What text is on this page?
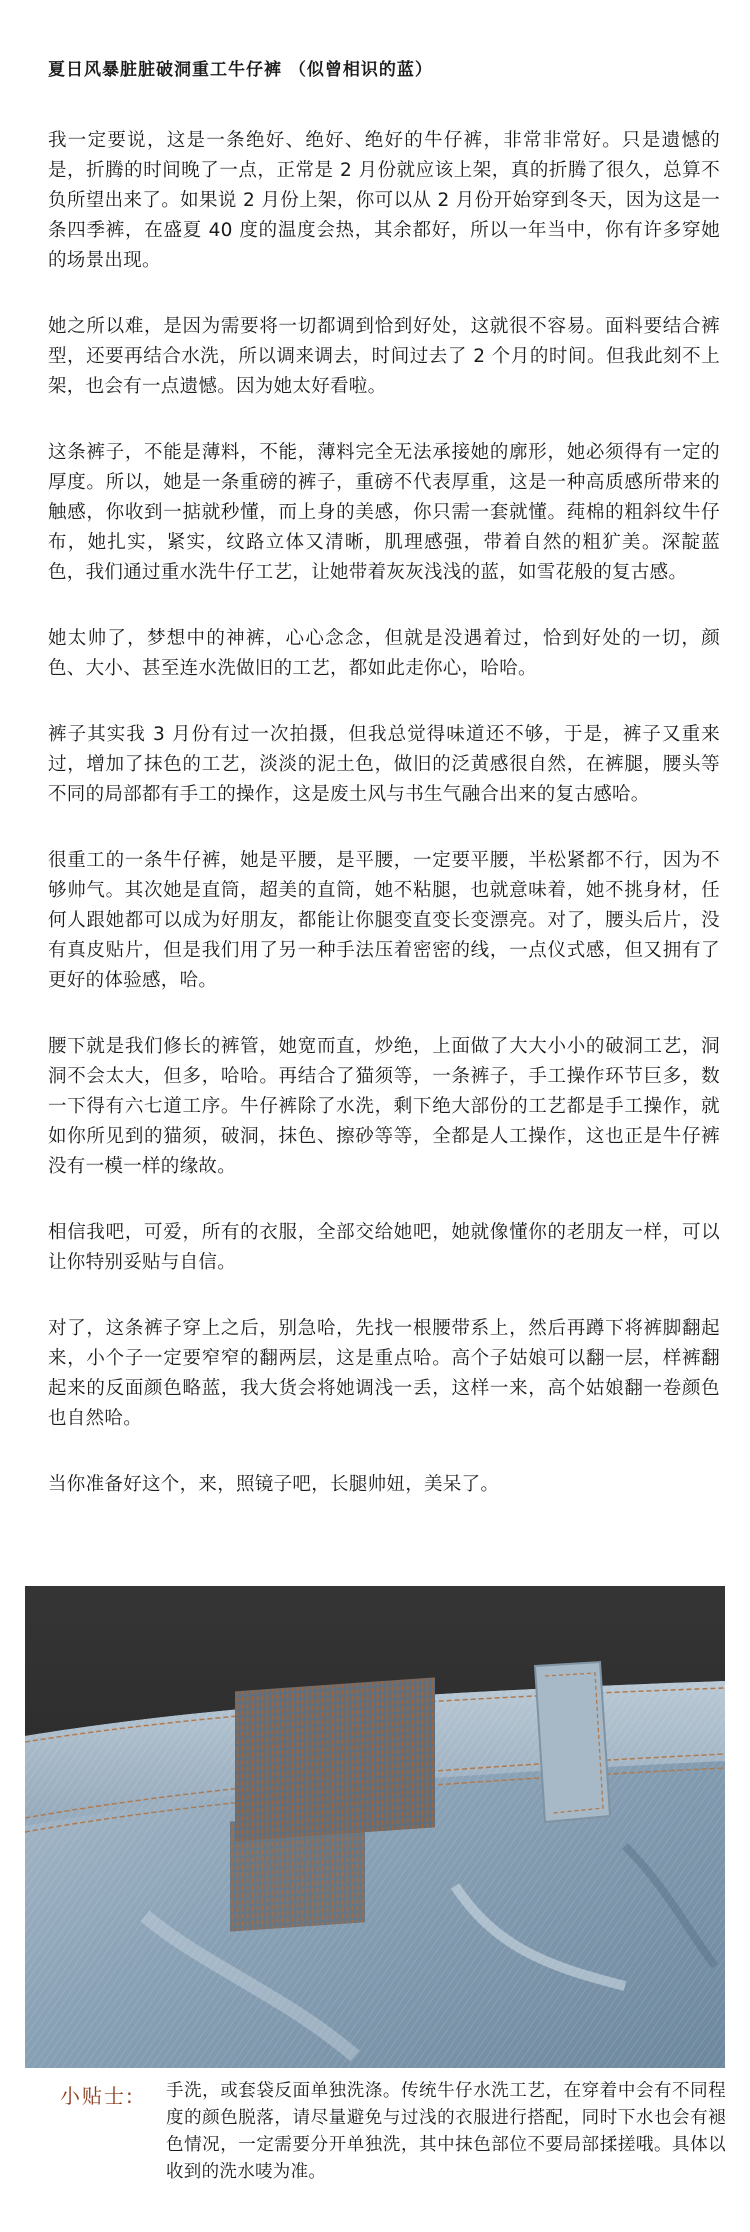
夏日风暴脏脏破洞重工牛仔裤 （似曾相识的蓝）

我一定要说，这是一条绝好、绝好、绝好的牛仔裤，非常非常好。只是遗憾的是，折腾的时间晚了一点，正常是 2 月份就应该上架，真的折腾了很久，总算不负所望出来了。如果说 2 月份上架，你可以从 2 月份开始穿到冬天，因为这是一条四季裤，在盛夏 40 度的温度会热，其余都好，所以一年当中，你有许多穿她的场景出现。

她之所以难，是因为需要将一切都调到恰到好处，这就很不容易。面料要结合裤型，还要再结合水洗，所以调来调去，时间过去了 2 个月的时间。但我此刻不上架，也会有一点遗憾。因为她太好看啦。

这条裤子，不能是薄料，不能，薄料完全无法承接她的廓形，她必须得有一定的厚度。所以，她是一条重磅的裤子，重磅不代表厚重，这是一种高质感所带来的触感，你收到一掂就秒懂，而上身的美感，你只需一套就懂。莼棉的粗斜纹牛仔布，她扎实，紧实，纹路立体又清晰，肌理感强，带着自然的粗犷美。深靛蓝色，我们通过重水洗牛仔工艺，让她带着灰灰浅浅的蓝，如雪花般的复古感。

她太帅了，梦想中的神裤，心心念念，但就是没遇着过，恰到好处的一切，颜色、大小、甚至连水洗做旧的工艺，都如此走你心，哈哈。

裤子其实我 3 月份有过一次拍摄，但我总觉得味道还不够，于是，裤子又重来过，增加了抹色的工艺，淡淡的泥土色，做旧的泛黄感很自然，在裤腿，腰头等不同的局部都有手工的操作，这是废土风与书生气融合出来的复古感哈。

很重工的一条牛仔裤，她是平腰，是平腰，一定要平腰，半松紧都不行，因为不够帅气。其次她是直筒，超美的直筒，她不粘腿，也就意味着，她不挑身材，任何人跟她都可以成为好朋友，都能让你腿变直变长变漂亮。对了，腰头后片，没有真皮贴片，但是我们用了另一种手法压着密密的线，一点仪式感，但又拥有了更好的体验感，哈。

腰下就是我们修长的裤管，她宽而直，炒绝，上面做了大大小小的破洞工艺，洞洞不会太大，但多，哈哈。再结合了猫须等，一条裤子，手工操作环节巨多，数一下得有六七道工序。牛仔裤除了水洗，剩下绝大部份的工艺都是手工操作，就如你所见到的猫须，破洞，抹色、擦砂等等，全都是人工操作，这也正是牛仔裤没有一模一样的缘故。

相信我吧，可爱，所有的衣服，全部交给她吧，她就像懂你的老朋友一样，可以让你特别妥贴与自信。

对了，这条裤子穿上之后，别急哈，先找一根腰带系上，然后再蹲下将裤脚翻起来，小个子一定要窄窄的翻两层，这是重点哈。高个子姑娘可以翻一层，样裤翻起来的反面颜色略蓝，我大货会将她调浅一丢，这样一来，高个姑娘翻一卷颜色也自然哈。

当你准备好这个，来，照镜子吧，长腿帅妞，美呆了。

小贴士: 手洗，或套袋反面单独洗涤。传统牛仔水洗工艺，在穿着中会有不同程度的颜色脱落，请尽量避免与过浅的衣服进行搭配，同时下水也会有褪色情况，一定需要分开单独洗，其中抹色部位不要局部揉搓哦。具体以收到的洗水唛为准。
